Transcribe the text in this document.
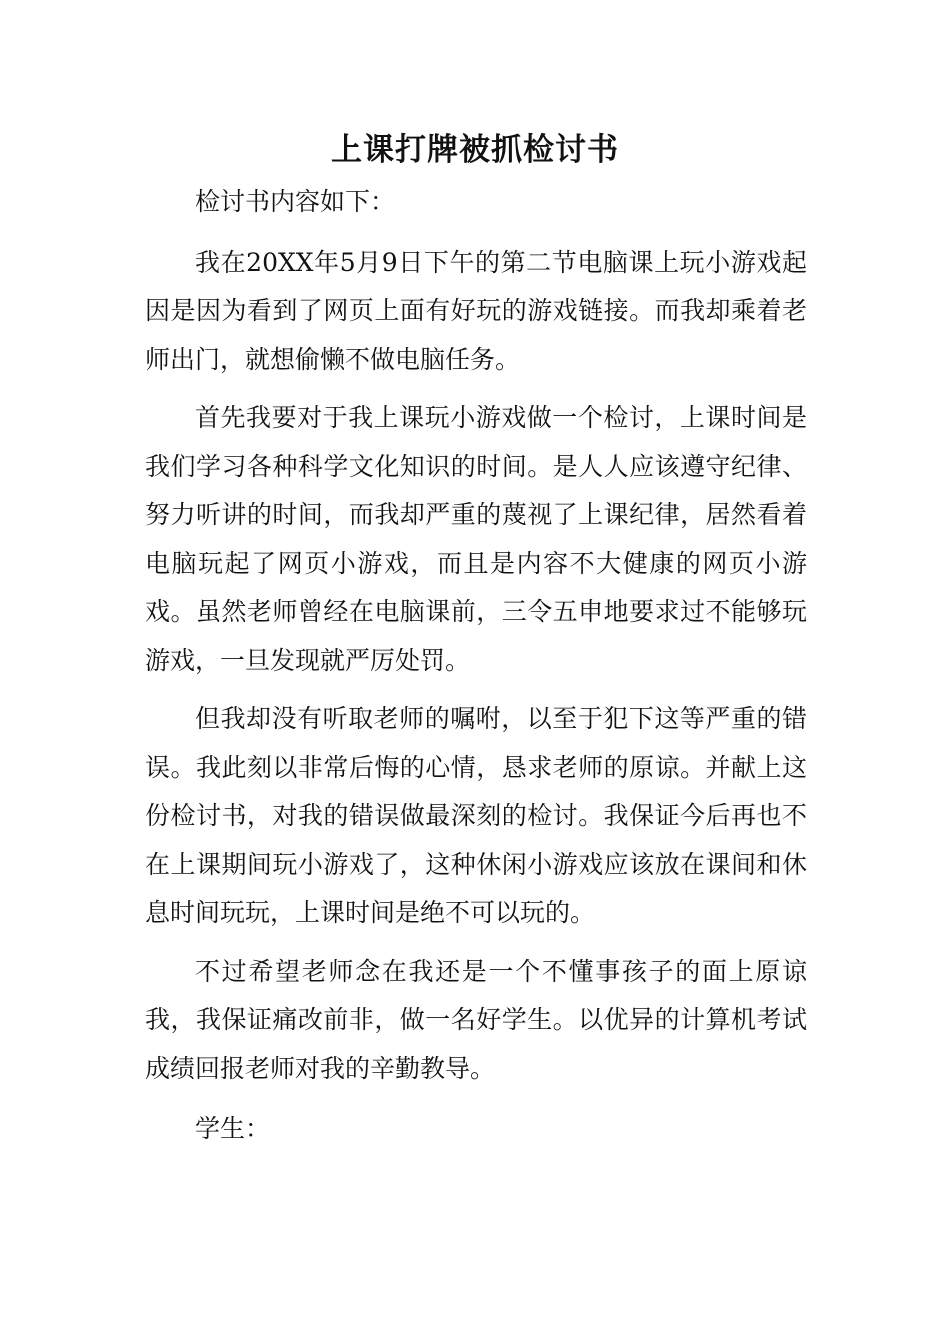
上课打牌被抓检讨书

检讨书内容如下：

我在20XX年5月9日下午的第二节电脑课上玩小游戏起因是因为看到了网页上面有好玩的游戏链接。而我却乘着老师出门，就想偷懒不做电脑任务。

首先我要对于我上课玩小游戏做一个检讨，上课时间是我们学习各种科学文化知识的时间。是人人应该遵守纪律、努力听讲的时间，而我却严重的蔑视了上课纪律，居然看着电脑玩起了网页小游戏，而且是内容不大健康的网页小游戏。虽然老师曾经在电脑课前，三令五申地要求过不能够玩游戏，一旦发现就严厉处罚。

但我却没有听取老师的嘱咐，以至于犯下这等严重的错误。我此刻以非常后悔的心情，恳求老师的原谅。并献上这份检讨书，对我的错误做最深刻的检讨。我保证今后再也不在上课期间玩小游戏了，这种休闲小游戏应该放在课间和休息时间玩玩，上课时间是绝不可以玩的。

不过希望老师念在我还是一个不懂事孩子的面上原谅我，我保证痛改前非，做一名好学生。以优异的计算机考试成绩回报老师对我的辛勤教导。

学生：
